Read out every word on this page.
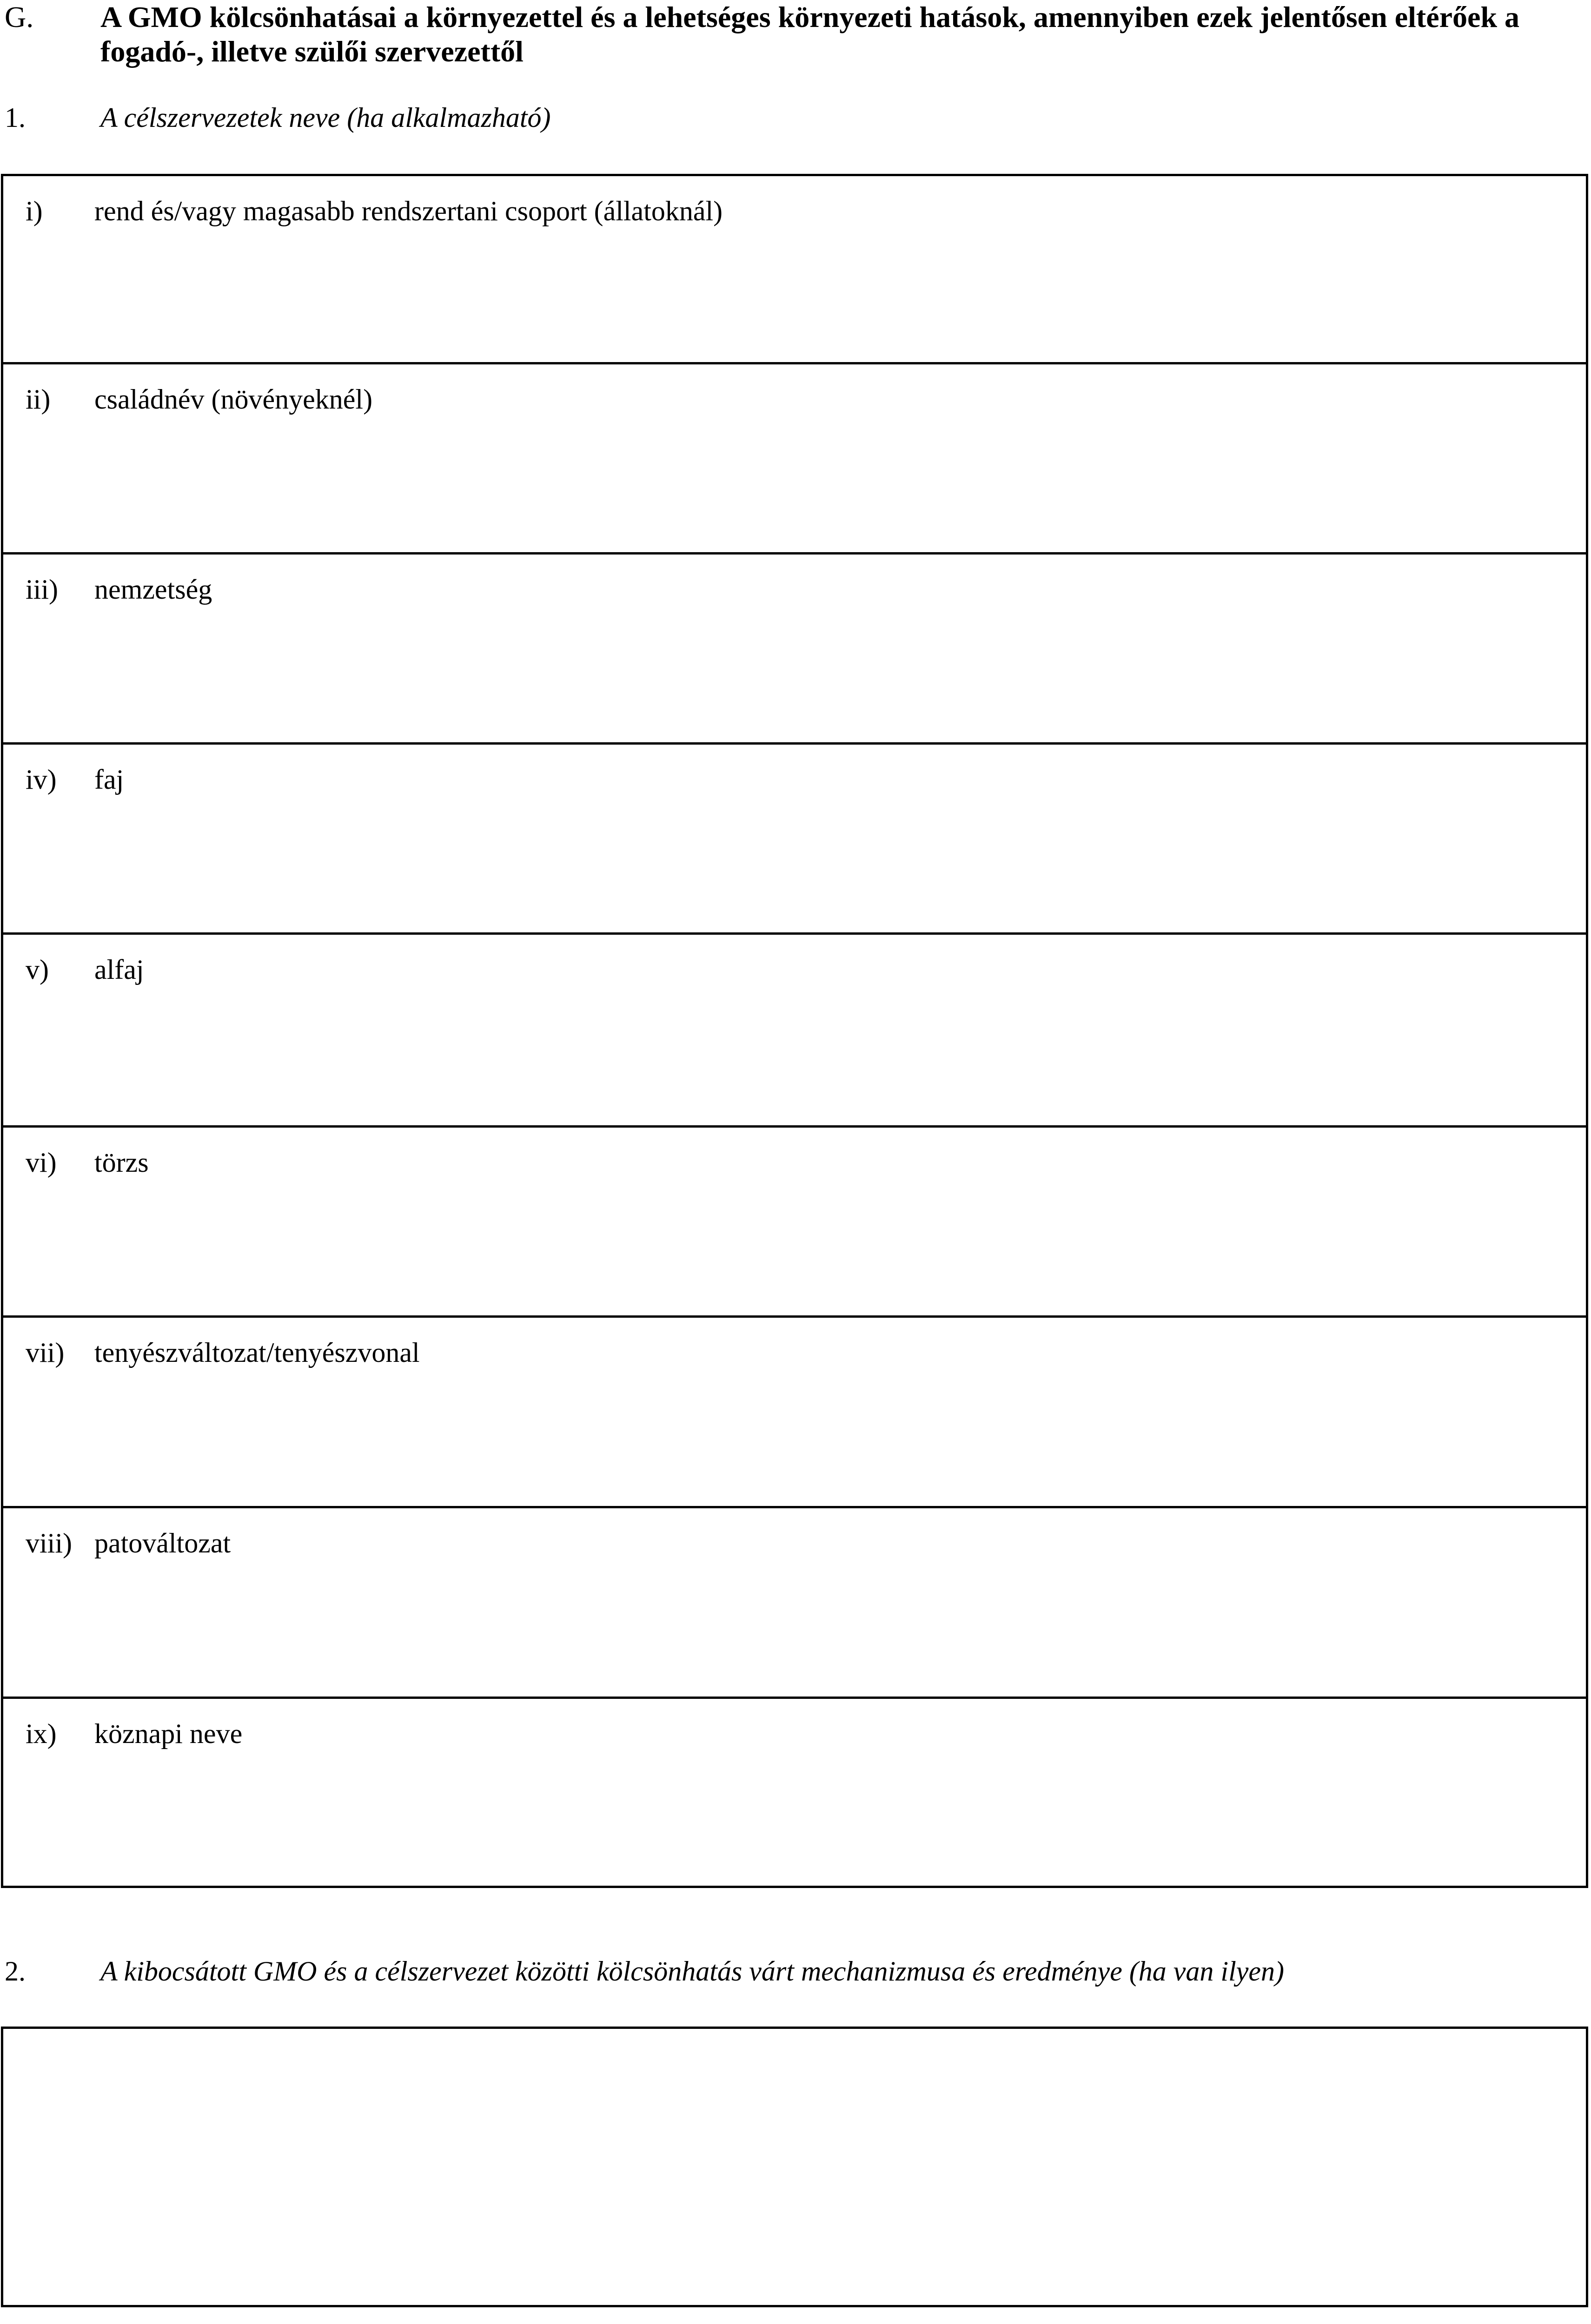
G. A GMO kölcsönhatásai a környezettel és a lehetséges környezeti hatások, amennyiben ezek jelentősen eltérőek a fogadó-, illetve szülői szervezettől
1.	A célszervezetek neve (ha alkalmazható)
i) rend és/vagy magasabb rendszertani csoport (állatoknál)
ii) családnév (növényeknél)
iii) nemzetség
iv) faj
v) alfaj
vi) törzs
vii) tenyészváltozat/tenyészvonal
viii) patováltozat
ix) köznapi neve
2.	A kibocsátott GMO és a célszervezet közötti kölcsönhatás várt mechanizmusa és eredménye (ha van ilyen)
